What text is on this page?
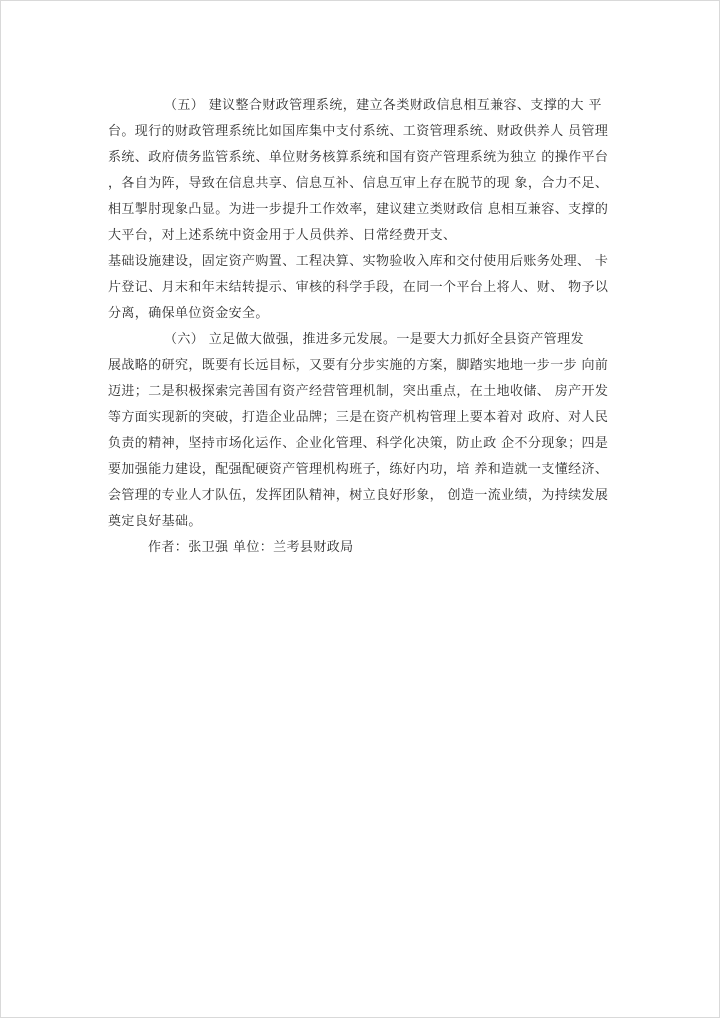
（五） 建议整合财政管理系统，建立各类财政信息相互兼容、支撑的大 平
台。现行的财政管理系统比如国库集中支付系统、工资管理系统、财政供养人 员管理
系统、政府债务监管系统、单位财务核算系统和国有资产管理系统为独立 的操作平台
，各自为阵，导致在信息共享、信息互补、信息互审上存在脱节的现 象，合力不足、
相互掣肘现象凸显。为进一步提升工作效率，建议建立类财政信 息相互兼容、支撑的
大平台，对上述系统中资金用于人员供养、日常经费开支、
基础设施建设，固定资产购置、工程决算、实物验收入库和交付使用后账务处理、 卡
片登记、月末和年末结转提示、审核的科学手段，在同一个平台上将人、财、 物予以
分离，确保单位资金安全。
（六） 立足做大做强，推进多元发展。一是要大力抓好全县资产管理发
展战略的研究，既要有长远目标，又要有分步实施的方案，脚踏实地地一步一步 向前
迈进；二是积极探索完善国有资产经营管理机制，突出重点，在土地收储、 房产开发
等方面实现新的突破，打造企业品牌；三是在资产机构管理上要本着对 政府、对人民
负责的精神，坚持市场化运作、企业化管理、科学化决策，防止政 企不分现象；四是
要加强能力建设，配强配硬资产管理机构班子，练好内功，培 养和造就一支懂经济、
会管理的专业人才队伍，发挥团队精神，树立良好形象， 创造一流业绩，为持续发展
奠定良好基础。
作者：张卫强 单位：兰考县财政局
